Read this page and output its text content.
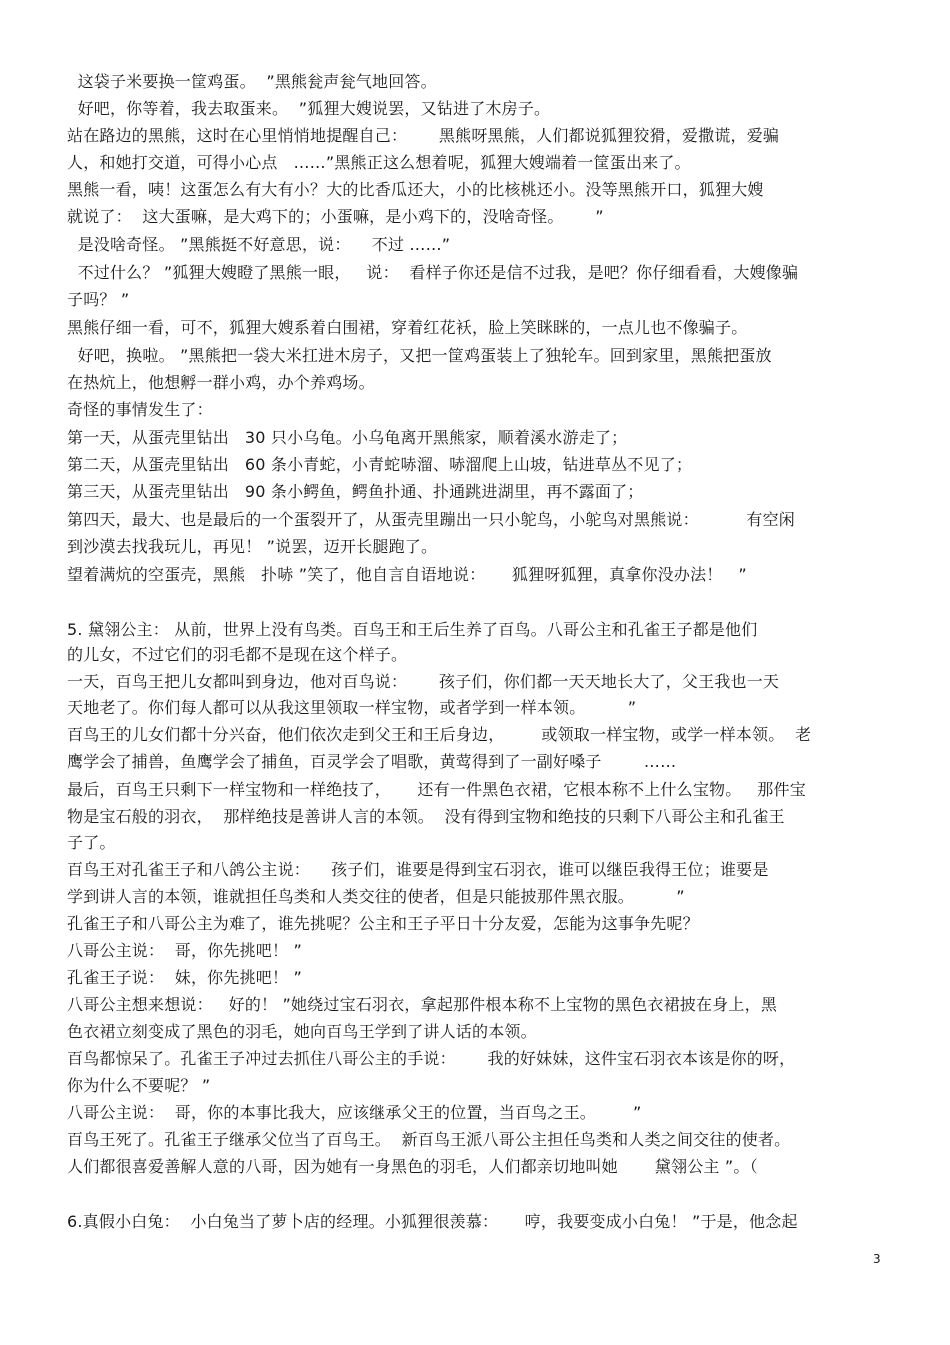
这袋子米要换一筐鸡蛋。  ”黑熊瓮声瓮气地回答。
好吧，你等着，我去取蛋来。  ”狐狸大嫂说罢，又钻进了木房子。
站在路边的黑熊，这时在心里悄悄地提醒自己：      黑熊呀黑熊，人们都说狐狸狡猾，爱撒谎，爱骗
人，和她打交道，可得小心点   ……”黑熊正这么想着呢，狐狸大嫂端着一筐蛋出来了。
黑熊一看，咦！这蛋怎么有大有小？大的比香瓜还大，小的比核桃还小。没等黑熊开口，狐狸大嫂
就说了：  这大蛋嘛，是大鸡下的；小蛋嘛，是小鸡下的，没啥奇怪。      ”
是没啥奇怪。 ”黑熊挺不好意思，说：    不过 ……”
不过什么？ ”狐狸大嫂瞪了黑熊一眼，   说：  看样子你还是信不过我，是吧？你仔细看看，大嫂像骗
子吗？ ”
黑熊仔细一看，可不，狐狸大嫂系着白围裙，穿着红花袄，脸上笑眯眯的，一点儿也不像骗子。
好吧，换啦。 ”黑熊把一袋大米扛进木房子，又把一筐鸡蛋装上了独轮车。回到家里，黑熊把蛋放
在热炕上，他想孵一群小鸡，办个养鸡场。
奇怪的事情发生了：
第一天，从蛋壳里钻出   30 只小乌龟。小乌龟离开黑熊家，顺着溪水游走了；
第二天，从蛋壳里钻出   60 条小青蛇，小青蛇哧溜、哧溜爬上山坡，钻进草丛不见了；
第三天，从蛋壳里钻出   90 条小鳄鱼，鳄鱼扑通、扑通跳进湖里，再不露面了；
第四天，最大、也是最后的一个蛋裂开了，从蛋壳里蹦出一只小鸵鸟，小鸵鸟对黑熊说：         有空闲
到沙漠去找我玩儿，再见！ ”说罢，迈开长腿跑了。
望着满炕的空蛋壳，黑熊   扑哧 ”笑了，他自言自语地说：     狐狸呀狐狸，真拿你没办法！   ”
5. 黛翎公主： 从前，世界上没有鸟类。百鸟王和王后生养了百鸟。八哥公主和孔雀王子都是他们
的儿女，不过它们的羽毛都不是现在这个样子。
一天，百鸟王把儿女都叫到身边，他对百鸟说：      孩子们，你们都一天天地长大了，父王我也一天
天地老了。你们每人都可以从我这里领取一样宝物，或者学到一样本领。        ”
百鸟王的儿女们都十分兴奋，他们依次走到父王和王后身边，       或领取一样宝物，或学一样本领。  老
鹰学会了捕兽，鱼鹰学会了捕鱼，百灵学会了唱歌，黄莺得到了一副好嗓子        ……
最后，百鸟王只剩下一样宝物和一样绝技了，     还有一件黑色衣裙，它根本称不上什么宝物。   那件宝
物是宝石般的羽衣，  那样绝技是善讲人言的本领。  没有得到宝物和绝技的只剩下八哥公主和孔雀王
子了。
百鸟王对孔雀王子和八鸽公主说：    孩子们，谁要是得到宝石羽衣，谁可以继臣我得王位；谁要是
学到讲人言的本领，谁就担任鸟类和人类交往的使者，但是只能披那件黑衣服。        ”
孔雀王子和八哥公主为难了，谁先挑呢？公主和王子平日十分友爱，怎能为这事争先呢？
八哥公主说：  哥，你先挑吧！ ”
孔雀王子说：  妹，你先挑吧！ ”
八哥公主想来想说：   好的！ ”她绕过宝石羽衣，拿起那件根本称不上宝物的黑色衣裙披在身上，黑
色衣裙立刻变成了黑色的羽毛，她向百鸟王学到了讲人话的本领。
百鸟都惊呆了。孔雀王子冲过去抓住八哥公主的手说：      我的好妹妹，这件宝石羽衣本该是你的呀，
你为什么不要呢？ ”
八哥公主说：  哥，你的本事比我大，应该继承父王的位置，当百鸟之王。       ”
百鸟王死了。孔雀王子继承父位当了百鸟王。  新百鸟王派八哥公主担任鸟类和人类之间交往的使者。
人们都很喜爱善解人意的八哥，因为她有一身黑色的羽毛，人们都亲切地叫她       黛翎公主 ”。（
6.真假小白兔：  小白兔当了萝卜店的经理。小狐狸很羡慕：     哼，我要变成小白兔！ ”于是，他念起
3
